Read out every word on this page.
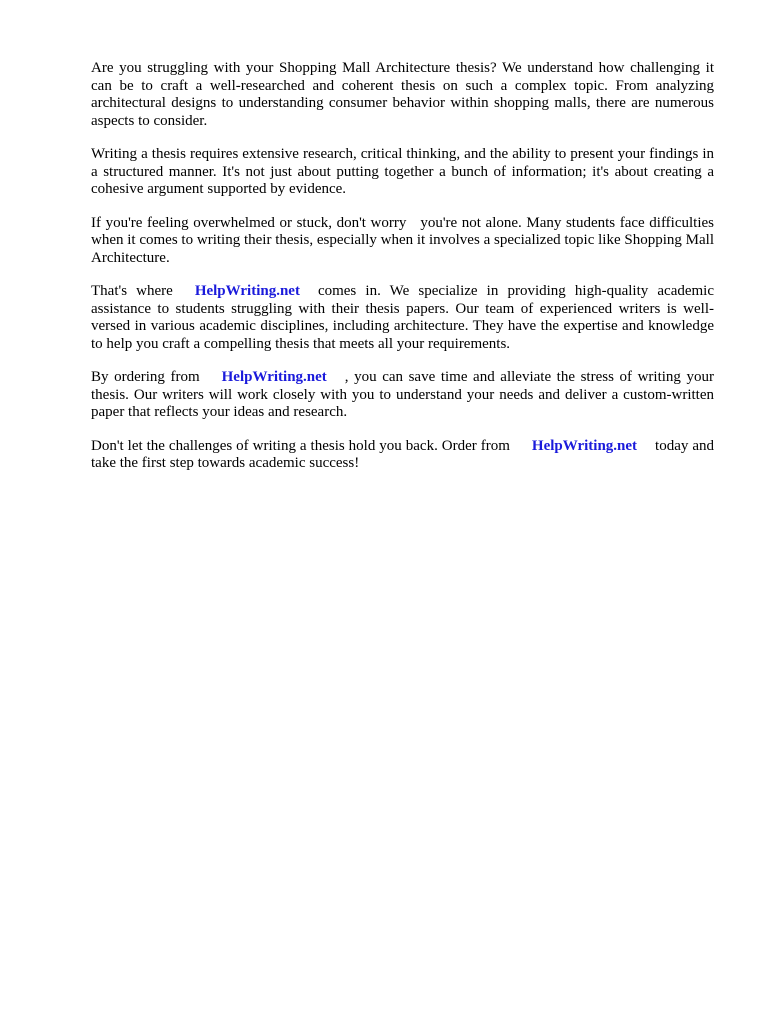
Are you struggling with your Shopping Mall Architecture thesis? We understand how challenging it can be to craft a well-researched and coherent thesis on such a complex topic. From analyzing architectural designs to understanding consumer behavior within shopping malls, there are numerous aspects to consider.

Writing a thesis requires extensive research, critical thinking, and the ability to present your findings in a structured manner. It's not just about putting together a bunch of information; it's about creating a cohesive argument supported by evidence.

If you're feeling overwhelmed or stuck, don't worry you're not alone. Many students face difficulties when it comes to writing their thesis, especially when it involves a specialized topic like Shopping Mall Architecture.

That's where HelpWriting.net comes in. We specialize in providing high-quality academic assistance to students struggling with their thesis papers. Our team of experienced writers is well-versed in various academic disciplines, including architecture. They have the expertise and knowledge to help you craft a compelling thesis that meets all your requirements.

By ordering from HelpWriting.net , you can save time and alleviate the stress of writing your thesis. Our writers will work closely with you to understand your needs and deliver a custom-written paper that reflects your ideas and research.

Don't let the challenges of writing a thesis hold you back. Order from HelpWriting.net today and take the first step towards academic success!
